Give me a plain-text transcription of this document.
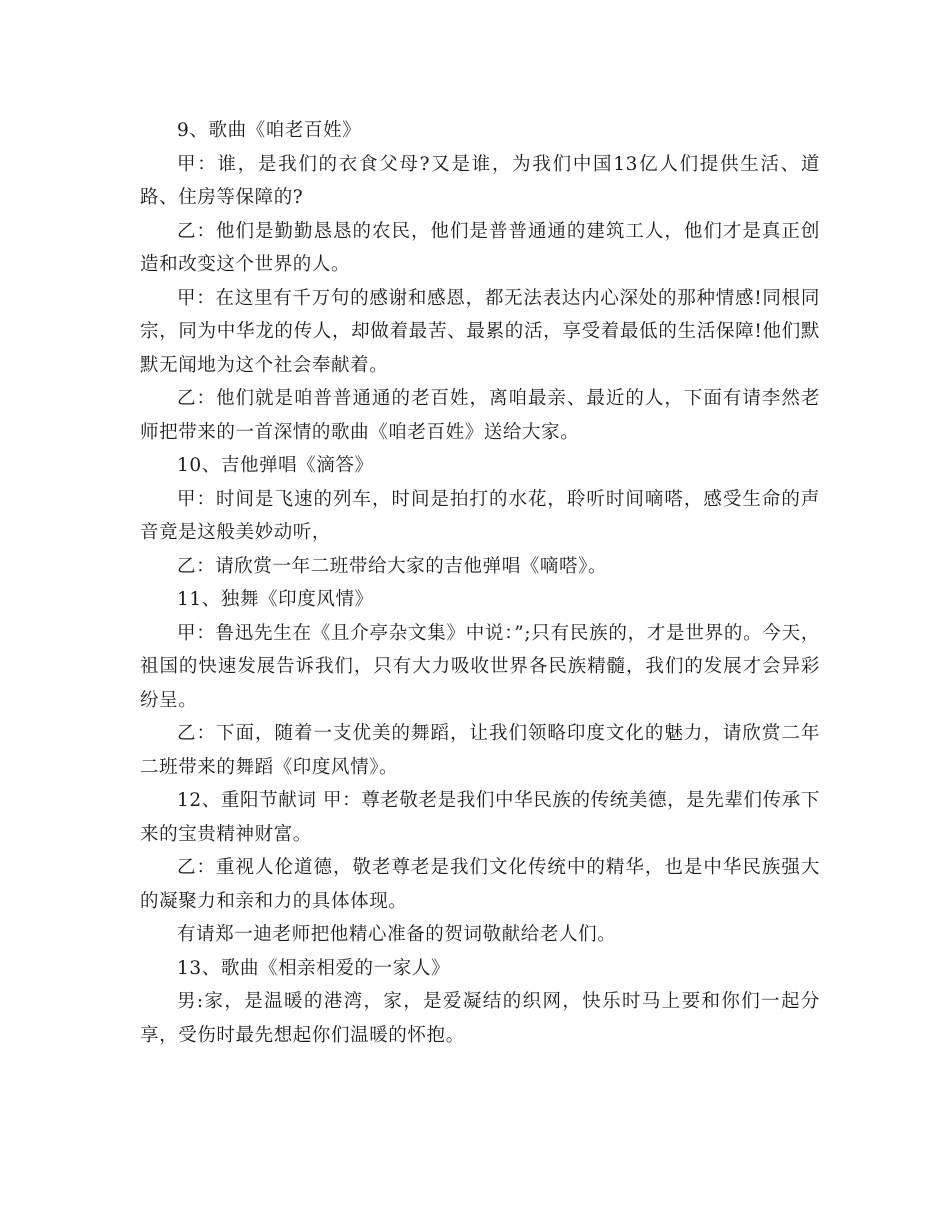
9、歌曲《咱老百姓》

甲：谁，是我们的衣食父母?又是谁，为我们中国13亿人们提供生活、道路、住房等保障的?

乙：他们是勤勤恳恳的农民，他们是普普通通的建筑工人，他们才是真正创造和改变这个世界的人。

甲：在这里有千万句的感谢和感恩，都无法表达内心深处的那种情感!同根同宗，同为中华龙的传人，却做着最苦、最累的活，享受着最低的生活保障!他们默默无闻地为这个社会奉献着。

乙：他们就是咱普普通通的老百姓，离咱最亲、最近的人，下面有请李然老师把带来的一首深情的歌曲《咱老百姓》送给大家。

10、吉他弹唱《滴答》

甲：时间是飞速的列车，时间是拍打的水花，聆听时间嘀嗒，感受生命的声音竟是这般美妙动听，

乙：请欣赏一年二班带给大家的吉他弹唱《嘀嗒》。

11、独舞《印度风情》

甲：鲁迅先生在《且介亭杂文集》中说：”;只有民族的，才是世界的。今天，祖国的快速发展告诉我们，只有大力吸收世界各民族精髓，我们的发展才会异彩纷呈。

乙：下面，随着一支优美的舞蹈，让我们领略印度文化的魅力，请欣赏二年二班带来的舞蹈《印度风情》。

12、重阳节献词 甲：尊老敬老是我们中华民族的传统美德，是先辈们传承下来的宝贵精神财富。

乙：重视人伦道德，敬老尊老是我们文化传统中的精华，也是中华民族强大的凝聚力和亲和力的具体体现。

有请郑一迪老师把他精心准备的贺词敬献给老人们。

13、歌曲《相亲相爱的一家人》

男:家，是温暖的港湾，家，是爱凝结的织网，快乐时马上要和你们一起分享，受伤时最先想起你们温暖的怀抱。
